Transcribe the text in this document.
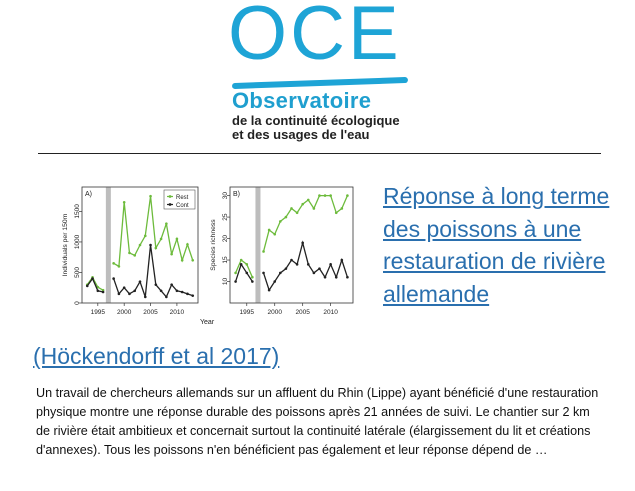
OCE
Observatoire
de la continuité écologique
et des usages de l'eau
A)
1995 2000 2005 2010
0
500
1000
1500
Individuals per 150m
Year
Rest
Cont
B)
1995 2000 2005 2010
10
15
20
25
30
Species richness
Réponse à long terme des poissons à une restauration de rivière allemande
(Höckendorff et al 2017)
Un travail de chercheurs allemands sur un affluent du Rhin (Lippe) ayant bénéficié d'une restauration physique montre une réponse durable des poissons après 21 années de suivi. Le chantier sur 2 km de rivière était ambitieux et concernait surtout la continuité latérale (élargissement du lit et créations d'annexes). Tous les poissons n'en bénéficient pas également et leur réponse dépend de …
